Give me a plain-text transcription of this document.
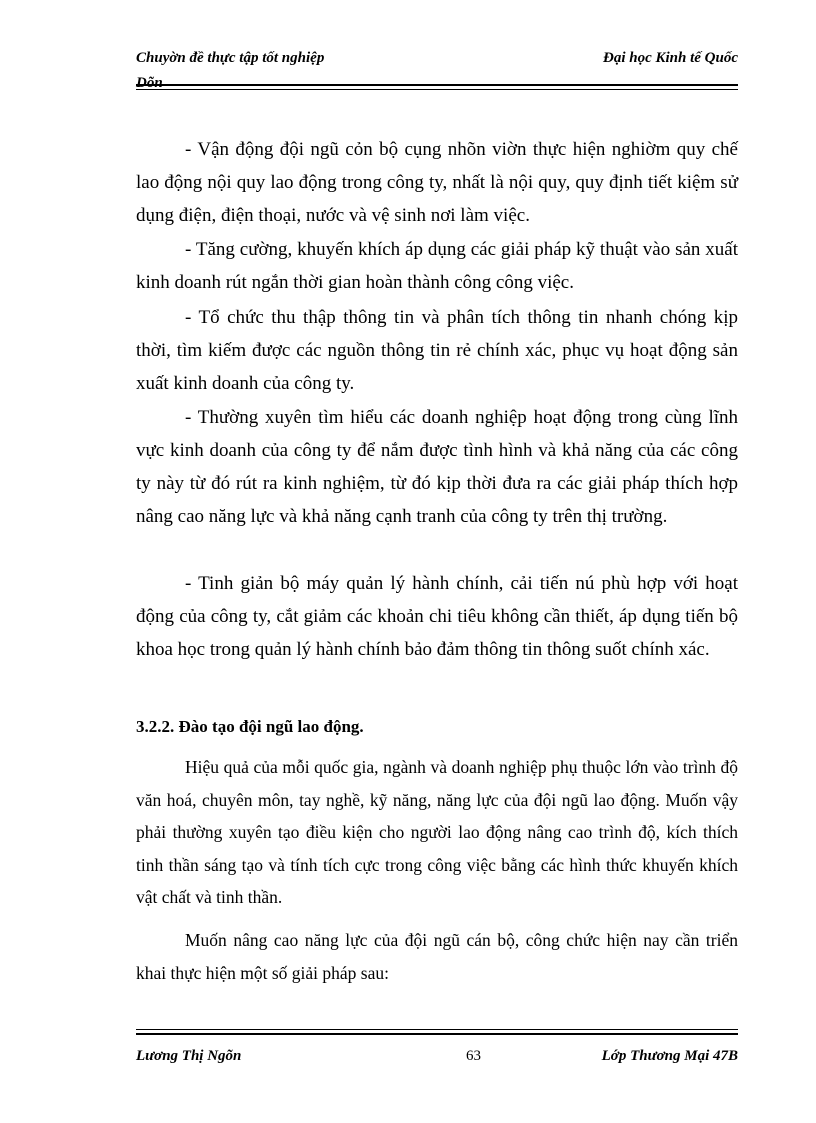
Chuyờn đề thực tập tốt nghiệp	Đại học Kinh tế Quốc
Dõn

- Vận động đội ngũ cỏn bộ cụng nhõn viờn thực hiện nghiờm quy chế lao động nội quy lao động trong công ty, nhất là nội quy, quy định tiết kiệm sử dụng điện, điện thoại, nước và vệ sinh nơi làm việc.

- Tăng cường, khuyến khích áp dụng các giải pháp kỹ thuật vào sản xuất kinh doanh rút ngắn thời gian hoàn thành công công việc.

- Tổ chức thu thập thông tin và phân tích thông tin nhanh chóng kịp thời, tìm kiếm được các nguồn thông tin rẻ chính xác, phục vụ hoạt động sản xuất kinh doanh của công ty.

- Thường xuyên tìm hiểu các doanh nghiệp hoạt động trong cùng lĩnh vực kinh doanh của công ty để nắm được tình hình và khả năng của các công ty này từ đó rút ra kinh nghiệm, từ đó kịp thời đưa ra các giải pháp thích hợp nâng cao năng lực và khả năng cạnh tranh của công ty trên thị trường.

- Tinh giản bộ máy quản lý hành chính, cải tiến nú phù hợp với hoạt động của công ty, cắt giảm các khoản chi tiêu không cần thiết, áp dụng tiến bộ khoa học trong quản lý hành chính bảo đảm thông tin thông suốt chính xác.

3.2.2. Đào tạo đội ngũ lao động.

Hiệu quả của mỗi quốc gia, ngành và doanh nghiệp phụ thuộc lớn vào trình độ văn hoá, chuyên môn, tay nghề, kỹ năng, năng lực của đội ngũ lao động. Muốn vậy phải thường xuyên tạo điều kiện cho người lao động nâng cao trình độ, kích thích tinh thần sáng tạo và tính tích cực trong công việc bằng các hình thức khuyến khích vật chất và tinh thần.

Muốn nâng cao năng lực của đội ngũ cán bộ, công chức hiện nay cần triển khai thực hiện một số giải pháp sau:

Lương Thị Ngõn	63	Lớp Thương Mại 47B
